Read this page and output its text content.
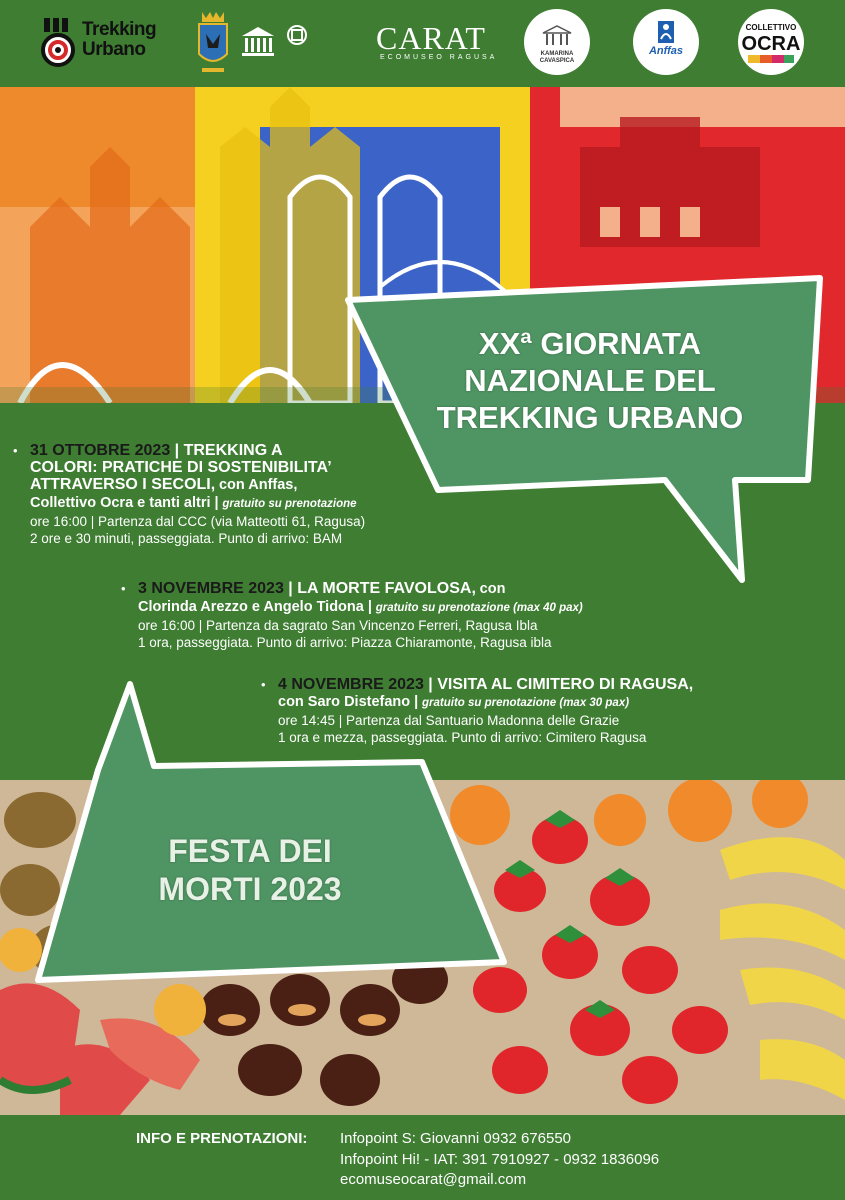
Trekking
Urbano	CARAT
ECOMUSEO RAGUSA	KAMARINA CAVASPICA
Anffas
COLLETTIVO
OCRA
XXª GIORNATA
NAZIONALE DEL
TREKKING URBANO
• 31 OTTOBRE 2023 | TREKKING A
COLORI: PRATICHE DI SOSTENIBILITA’
ATTRAVERSO I SECOLI, con Anffas,
Collettivo Ocra e tanti altri | gratuito su prenotazione
ore 16:00 | Partenza dal CCC (via Matteotti 61, Ragusa)
2 ore e 30 minuti, passeggiata. Punto di arrivo: BAM
• 3 NOVEMBRE 2023 | LA MORTE FAVOLOSA, con
Clorinda Arezzo e Angelo Tidona | gratuito su prenotazione (max 40 pax)
ore 16:00 | Partenza da sagrato San Vincenzo Ferreri, Ragusa Ibla
1 ora, passeggiata. Punto di arrivo: Piazza Chiaramonte, Ragusa ibla
• 4 NOVEMBRE 2023 | VISITA AL CIMITERO DI RAGUSA,
con Saro Distefano | gratuito su prenotazione (max 30 pax)
ore 14:45 | Partenza dal Santuario Madonna delle Grazie
1 ora e mezza, passeggiata. Punto di arrivo: Cimitero Ragusa
FESTA DEI
MORTI 2023
INFO E PRENOTAZIONI: Infopoint S: Giovanni 0932 676550
Infopoint Hi! - IAT: 391 7910927 - 0932 1836096
ecomuseocarat@gmail.com
